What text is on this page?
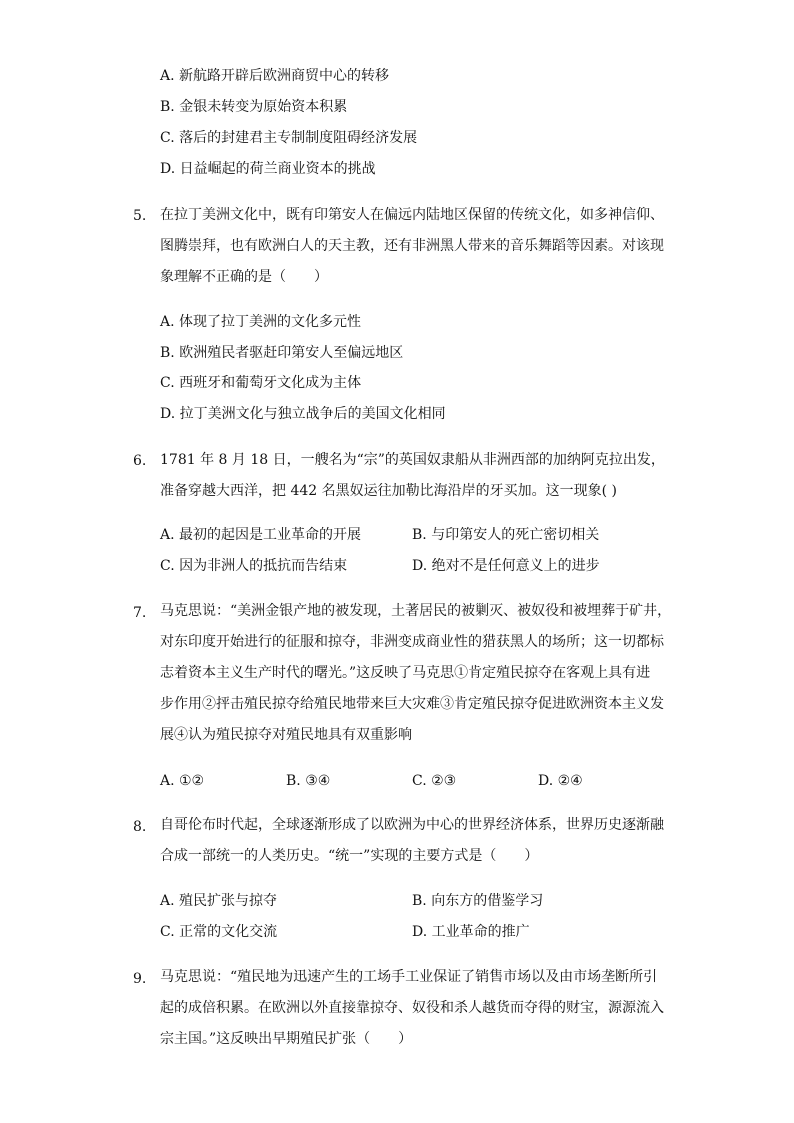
A. 新航路开辟后欧洲商贸中心的转移
B. 金银未转变为原始资本积累
C. 落后的封建君主专制制度阻碍经济发展
D. 日益崛起的荷兰商业资本的挑战
5. 在拉丁美洲文化中，既有印第安人在偏远内陆地区保留的传统文化，如多神信仰、
图腾崇拜，也有欧洲白人的天主教，还有非洲黑人带来的音乐舞蹈等因素。对该现
象理解不正确的是（　　）
A. 体现了拉丁美洲的文化多元性
B. 欧洲殖民者驱赶印第安人至偏远地区
C. 西班牙和葡萄牙文化成为主体
D. 拉丁美洲文化与独立战争后的美国文化相同
6. 1781 年 8 月 18 日，一艘名为“宗”的英国奴隶船从非洲西部的加纳阿克拉出发，
准备穿越大西洋，把 442 名黑奴运往加勒比海沿岸的牙买加。这一现象( )
A. 最初的起因是工业革命的开展	B. 与印第安人的死亡密切相关
C. 因为非洲人的抵抗而告结束	D. 绝对不是任何意义上的进步
7. 马克思说：“美洲金银产地的被发现，土著居民的被剿灭、被奴役和被埋葬于矿井，
对东印度开始进行的征服和掠夺，非洲变成商业性的猎获黑人的场所；这一切都标
志着资本主义生产时代的曙光。”这反映了马克思①肯定殖民掠夺在客观上具有进
步作用②抨击殖民掠夺给殖民地带来巨大灾难③肯定殖民掠夺促进欧洲资本主义发
展④认为殖民掠夺对殖民地具有双重影响
A. ①②	B. ③④	C. ②③	D. ②④
8. 自哥伦布时代起，全球逐渐形成了以欧洲为中心的世界经济体系，世界历史逐渐融
合成一部统一的人类历史。“统一”实现的主要方式是（　　）
A. 殖民扩张与掠夺	B. 向东方的借鉴学习
C. 正常的文化交流	D. 工业革命的推广
9. 马克思说：“殖民地为迅速产生的工场手工业保证了销售市场以及由市场垄断所引
起的成倍积累。在欧洲以外直接靠掠夺、奴役和杀人越货而夺得的财宝，源源流入
宗主国。”这反映出早期殖民扩张（　　）
